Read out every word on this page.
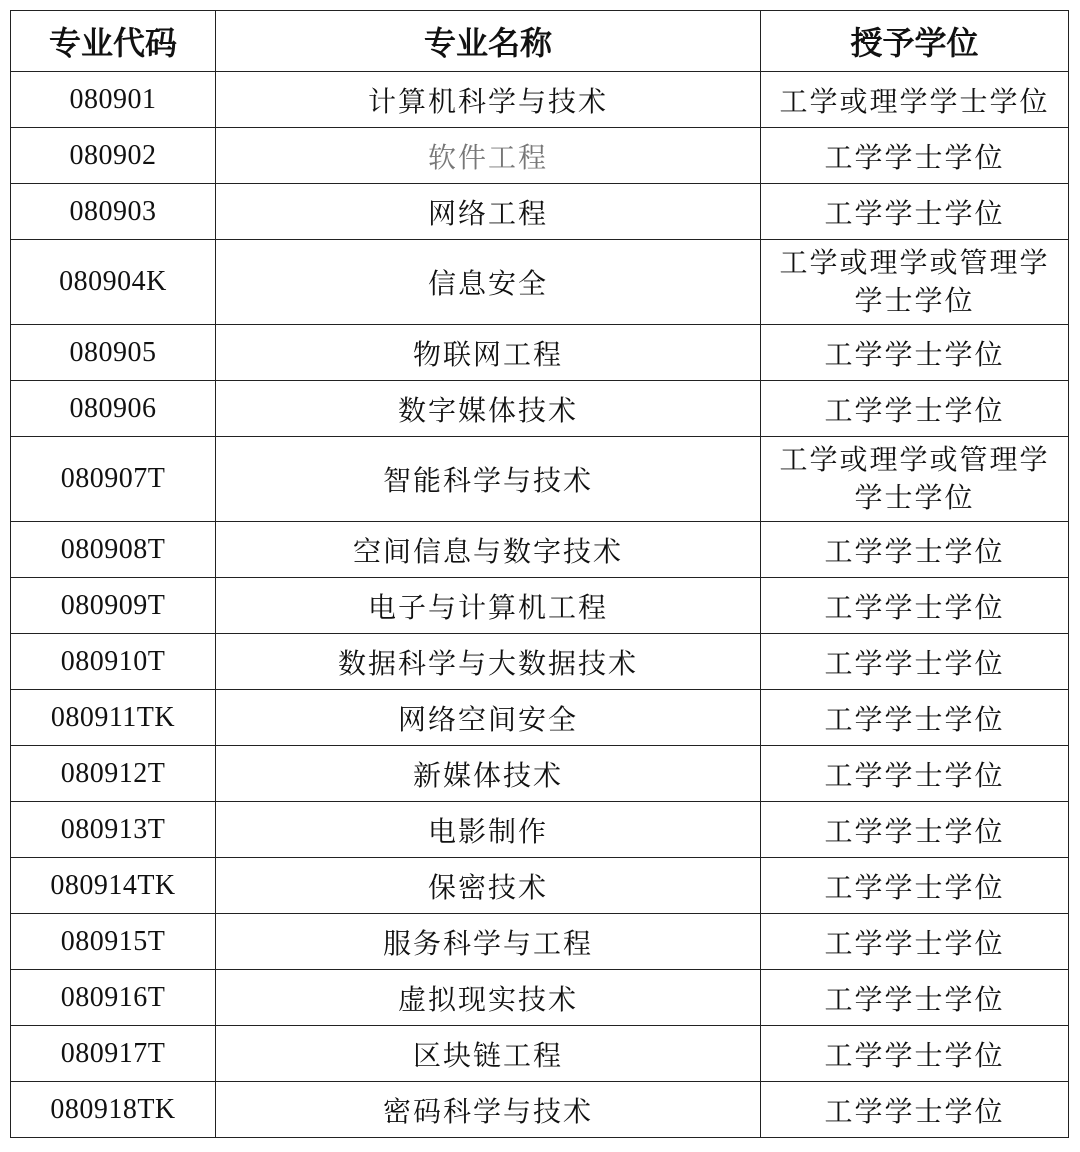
专业代码	专业名称	授予学位
080901	计算机科学与技术	工学或理学学士学位
080902	软件工程	工学学士学位
080903	网络工程	工学学士学位
080904K	信息安全	工学或理学或管理学学士学位
080905	物联网工程	工学学士学位
080906	数字媒体技术	工学学士学位
080907T	智能科学与技术	工学或理学或管理学学士学位
080908T	空间信息与数字技术	工学学士学位
080909T	电子与计算机工程	工学学士学位
080910T	数据科学与大数据技术	工学学士学位
080911TK	网络空间安全	工学学士学位
080912T	新媒体技术	工学学士学位
080913T	电影制作	工学学士学位
080914TK	保密技术	工学学士学位
080915T	服务科学与工程	工学学士学位
080916T	虚拟现实技术	工学学士学位
080917T	区块链工程	工学学士学位
080918TK	密码科学与技术	工学学士学位
